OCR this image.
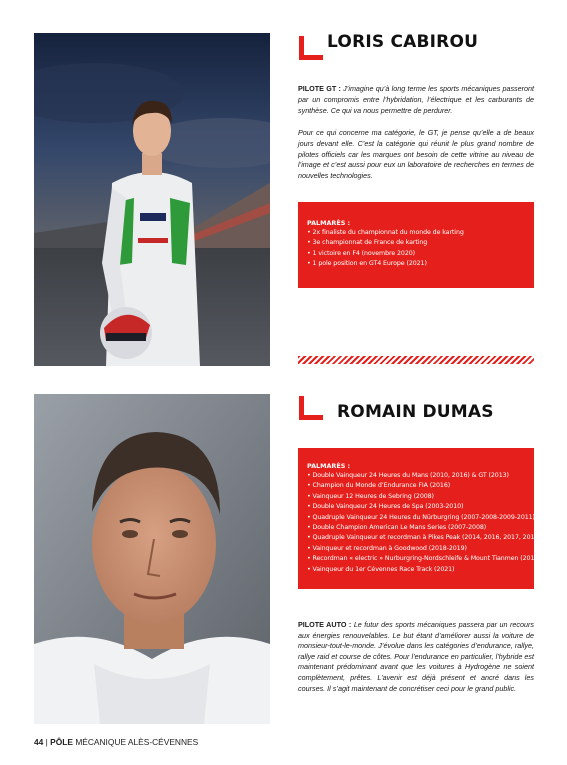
LORIS CABIROU
PILOTE GT : J’imagine qu’à long terme les sports mécaniques passeront par un compromis entre l’hybridation, l’électrique et les carburants de synthèse. Ce qui va nous permettre de perdurer.
Pour ce qui concerne ma catégorie, le GT, je pense qu’elle a de beaux jours devant elle. C’est la catégorie qui réunit le plus grand nombre de pilotes officiels car les marques ont besoin de cette vitrine au niveau de l’image et c’est aussi pour eux un laboratoire de recherches en termes de nouvelles technologies.
PALMARÈS :
• 2x finaliste du championnat du monde de karting
• 3e championnat de France de karting
• 1 victoire en F4 (novembre 2020)
• 1 pole position en GT4 Europe (2021)
ROMAIN DUMAS
PALMARÈS :
• Double Vainqueur 24 Heures du Mans (2010, 2016) & GT (2013)
• Champion du Monde d’Endurance FIA (2016)
• Vainqueur 12 Heures de Sebring (2008)
• Double Vainqueur 24 Heures de Spa (2003-2010)
• Quadruple Vainqueur 24 Heures du Nürburgring (2007-2008-2009-2011)
• Double Champion American Le Mans Series (2007-2008)
• Quadruple Vainqueur et recordman à Pikes Peak (2014, 2016, 2017, 2018)
• Vainqueur et recordman à Goodwood (2018-2019)
• Recordman « electric » Nurburgring-Nordschleife & Mount Tianmen (2019)
• Vainqueur du 1er Cévennes Race Track (2021)
PILOTE AUTO : Le futur des sports mécaniques passera par un recours aux énergies renouvelables. Le but étant d’améliorer aussi la voiture de monsieur-tout-le-monde. J’évolue dans les catégories d’endurance, rallye, rallye raid et course de côtes. Pour l’endurance en particulier, l’hybride est maintenant prédominant avant que les voitures à Hydrogène ne soient complètement, prêtes. L’avenir est déjà présent et ancré dans les courses. Il s’agit maintenant de concrétiser ceci pour le grand public.
44 | PÔLE MÉCANIQUE ALÈS-CÉVENNES
